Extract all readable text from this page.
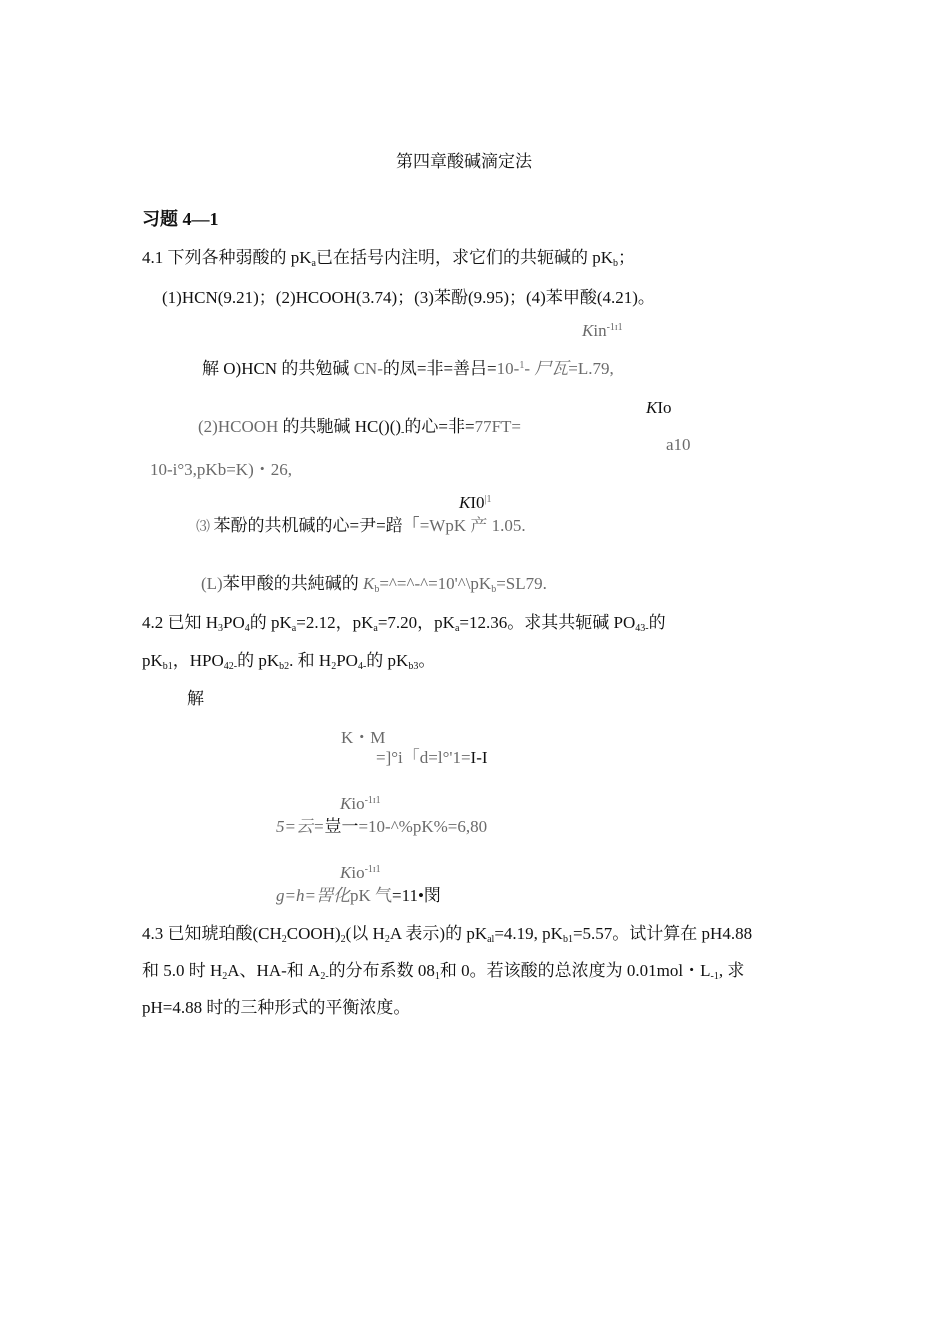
第四章酸碱滴定法
习题 4—1
4.1 下列各种弱酸的 $pK_a$已在括号内注明，求它们的共轭碱的 $pK_b$；
(1)HCN(9.21)；(2)HCOOH(3.74)；(3)苯酚(9.95)；(4)苯甲酸(4.21)。
Kin$^{-1ɪ1}$
解 O)HCN 的共勉碱 CN-的凤=非=善吕=10-$^1$- 尸瓦=L.79,
KIo
(2)HCOOH 的共馳碱 $HC()()_-$的心=非=77FT=
a10
10-i°3,pKb=K)・26,
$KI0^{|1}$
⑶ 苯酚的共机碱的心=尹=踣「=WpK 产 1.05.
(L)苯甲酸的共純碱的 $K_b=\^{}=\^{}-\^{}=10'\^{}\backslash pK_b=SL79$.
4.2 已知 $H_3PO_4$的 $pK_a=2.12$，$pK_a=7.20$，$pK_a=12.36$。求其共轭碱 $PO_{43-}$的
$pK_{b1}$，$HPO_{42-}$的 $pK_{b2}$. 和 $H_2PO_{4-}$的 $pK_{b3}$。
解
K・M
=]°i「d=l°'1=I-I
Kio$^{-1ɪ1}$
5=云=豈一=10-^%pK%=6,80
Kio$^{-1ɪ1}$
g=h=罟化pK 气=11•閔
4.3 已知琥珀酸$(CH_2COOH)_2$(以 $H_2A$ 表示)的 $pK_{al}=4.19$, $pK_{b1}=5.57$。试计算在 pH4.88
和 5.0 时 $H_2A$、HA-和 $A_{2-}$的分布系数 $08_1$和 0。若该酸的总浓度为 0.01mol・$L_{-1}$, 求
pH=4.88 时的三种形式的平衡浓度。
